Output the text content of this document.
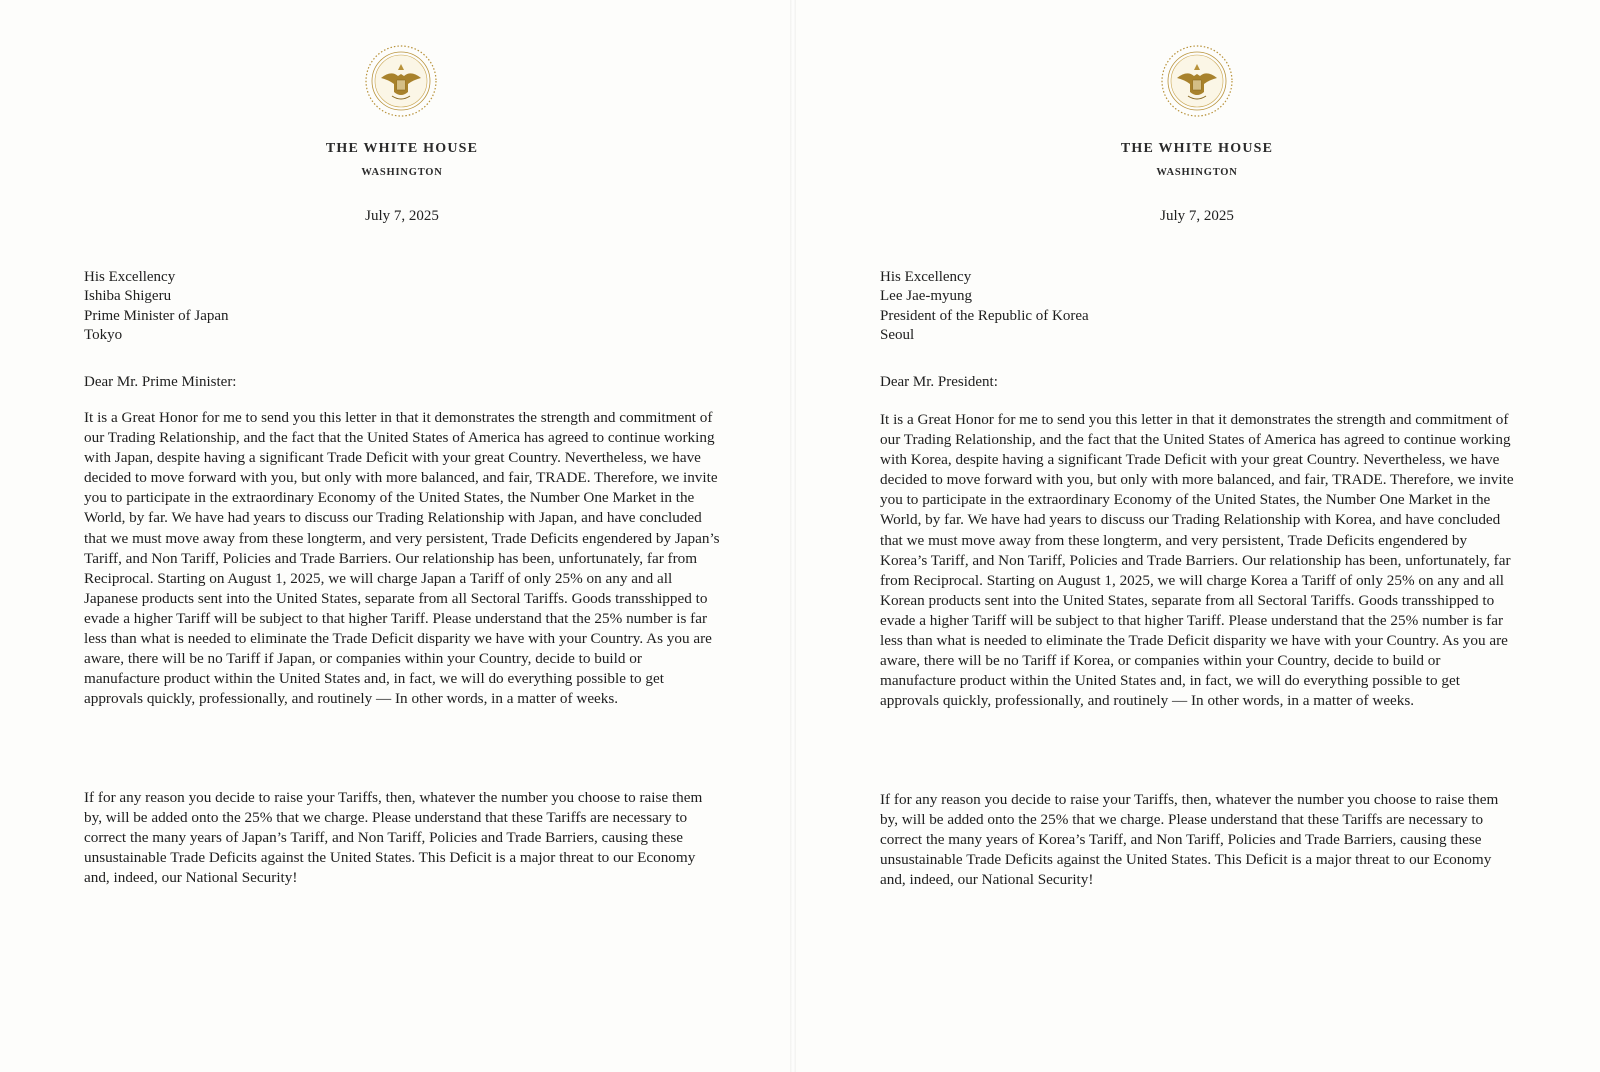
THE WHITE HOUSE

WASHINGTON

July 7, 2025

His Excellency
Ishiba Shigeru
Prime Minister of Japan
Tokyo

Dear Mr. Prime Minister:

It is a Great Honor for me to send you this letter in that it demonstrates the strength and commitment of our Trading Relationship, and the fact that the United States of America has agreed to continue working with Japan, despite having a significant Trade Deficit with your great Country. Nevertheless, we have decided to move forward with you, but only with more balanced, and fair, TRADE. Therefore, we invite you to participate in the extraordinary Economy of the United States, the Number One Market in the World, by far. We have had years to discuss our Trading Relationship with Japan, and have concluded that we must move away from these longterm, and very persistent, Trade Deficits engendered by Japan’s Tariff, and Non Tariff, Policies and Trade Barriers. Our relationship has been, unfortunately, far from Reciprocal. Starting on August 1, 2025, we will charge Japan a Tariff of only 25% on any and all Japanese products sent into the United States, separate from all Sectoral Tariffs. Goods transshipped to evade a higher Tariff will be subject to that higher Tariff. Please understand that the 25% number is far less than what is needed to eliminate the Trade Deficit disparity we have with your Country. As you are aware, there will be no Tariff if Japan, or companies within your Country, decide to build or manufacture product within the United States and, in fact, we will do everything possible to get approvals quickly, professionally, and routinely — In other words, in a matter of weeks.

If for any reason you decide to raise your Tariffs, then, whatever the number you choose to raise them by, will be added onto the 25% that we charge. Please understand that these Tariffs are necessary to correct the many years of Japan’s Tariff, and Non Tariff, Policies and Trade Barriers, causing these unsustainable Trade Deficits against the United States. This Deficit is a major threat to our Economy and, indeed, our National Security!

THE WHITE HOUSE

WASHINGTON

July 7, 2025

His Excellency
Lee Jae-myung
President of the Republic of Korea
Seoul

Dear Mr. President:

It is a Great Honor for me to send you this letter in that it demonstrates the strength and commitment of our Trading Relationship, and the fact that the United States of America has agreed to continue working with Korea, despite having a significant Trade Deficit with your great Country. Nevertheless, we have decided to move forward with you, but only with more balanced, and fair, TRADE. Therefore, we invite you to participate in the extraordinary Economy of the United States, the Number One Market in the World, by far. We have had years to discuss our Trading Relationship with Korea, and have concluded that we must move away from these longterm, and very persistent, Trade Deficits engendered by Korea’s Tariff, and Non Tariff, Policies and Trade Barriers. Our relationship has been, unfortunately, far from Reciprocal. Starting on August 1, 2025, we will charge Korea a Tariff of only 25% on any and all Korean products sent into the United States, separate from all Sectoral Tariffs. Goods transshipped to evade a higher Tariff will be subject to that higher Tariff. Please understand that the 25% number is far less than what is needed to eliminate the Trade Deficit disparity we have with your Country. As you are aware, there will be no Tariff if Korea, or companies within your Country, decide to build or manufacture product within the United States and, in fact, we will do everything possible to get approvals quickly, professionally, and routinely — In other words, in a matter of weeks.

If for any reason you decide to raise your Tariffs, then, whatever the number you choose to raise them by, will be added onto the 25% that we charge. Please understand that these Tariffs are necessary to correct the many years of Korea’s Tariff, and Non Tariff, Policies and Trade Barriers, causing these unsustainable Trade Deficits against the United States. This Deficit is a major threat to our Economy and, indeed, our National Security!
